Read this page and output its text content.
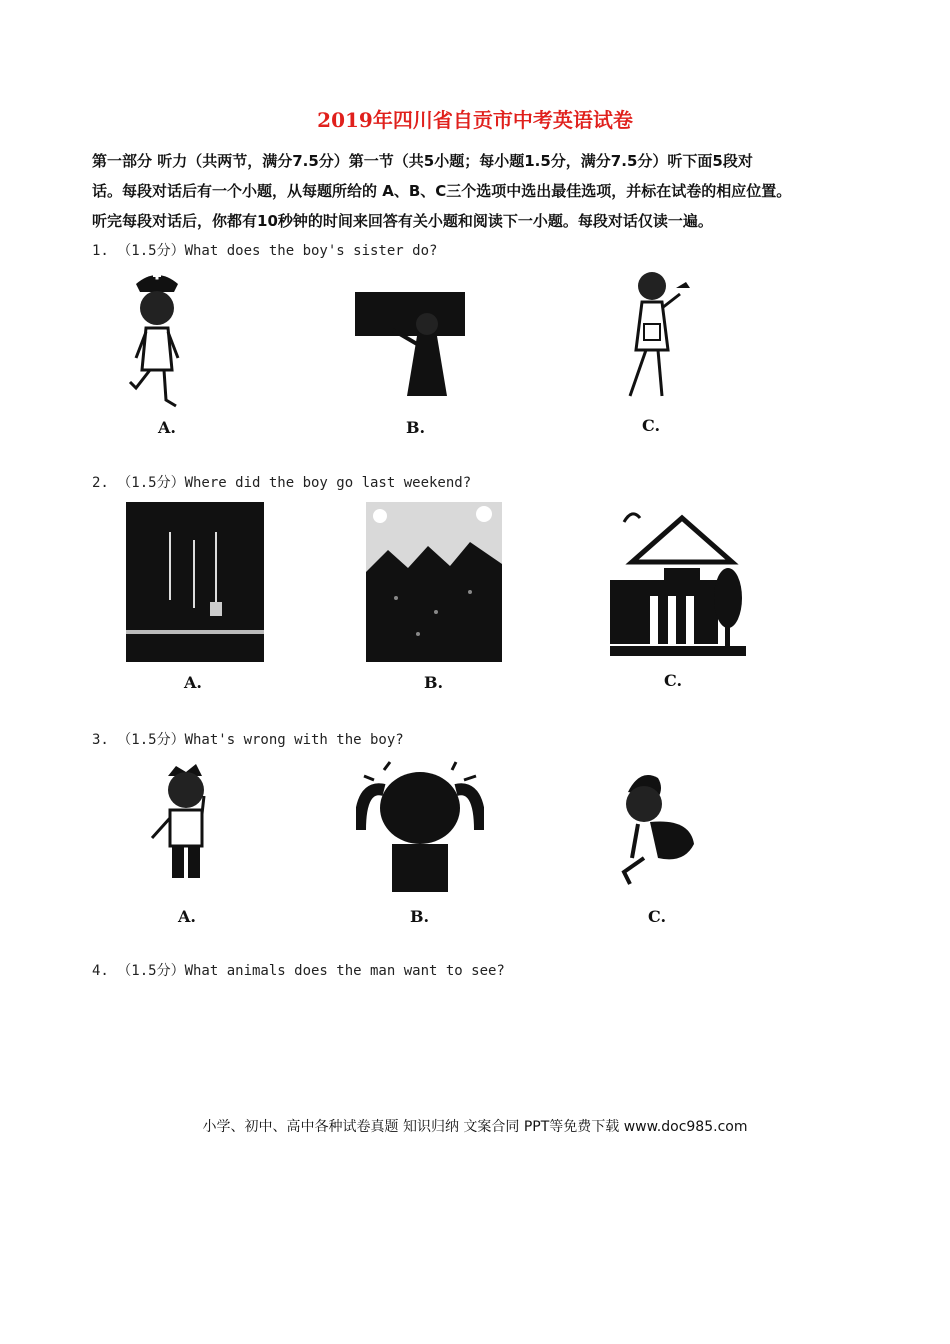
2019年四川省自贡市中考英语试卷

第一部分 听力（共两节，满分7.5分）第一节（共5小题；每小题1.5分，满分7.5分）听下面5段对

话。每段对话后有一个小题，从每题所给的 A、B、C三个选项中选出最佳选项，并标在试卷的相应位置。

听完每段对话后，你都有10秒钟的时间来回答有关小题和阅读下一小题。每段对话仅读一遍。

1. （1.5分）What does the boy's sister do?
A.	B.	C.
2. （1.5分）Where did the boy go last weekend?
A.	B.	C.
3. （1.5分）What's wrong with the boy?
A.	B.	C.
4. （1.5分）What animals does the man want to see?
小学、初中、高中各种试卷真题 知识归纳 文案合同 PPT等免费下载 www.doc985.com
